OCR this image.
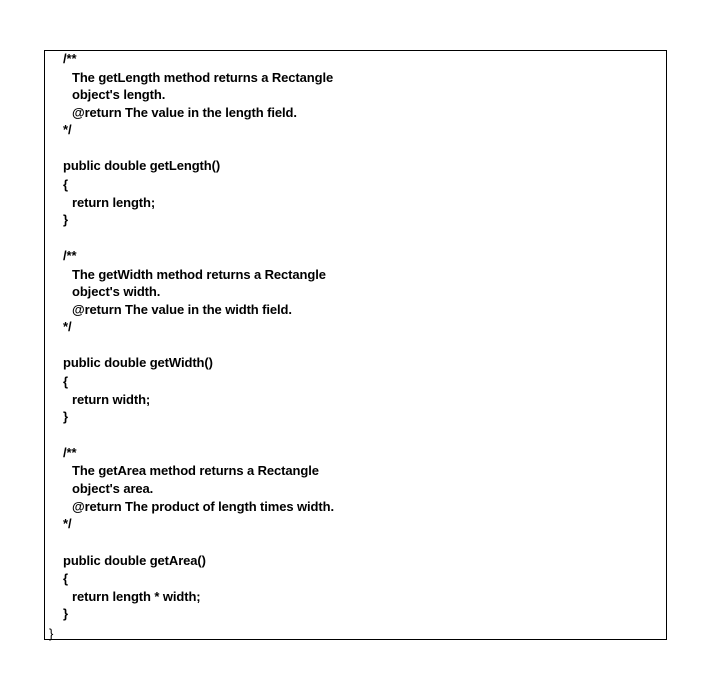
/**
The getLength method returns a Rectangle
object's length.
@return The value in the length field.
*/
public double getLength()
{
return length;
}
/**
The getWidth method returns a Rectangle
object's width.
@return The value in the width field.
*/
public double getWidth()
{
return width;
}
/**
The getArea method returns a Rectangle
object's area.
@return The product of length times width.
*/
public double getArea()
{
return length * width;
}
}
